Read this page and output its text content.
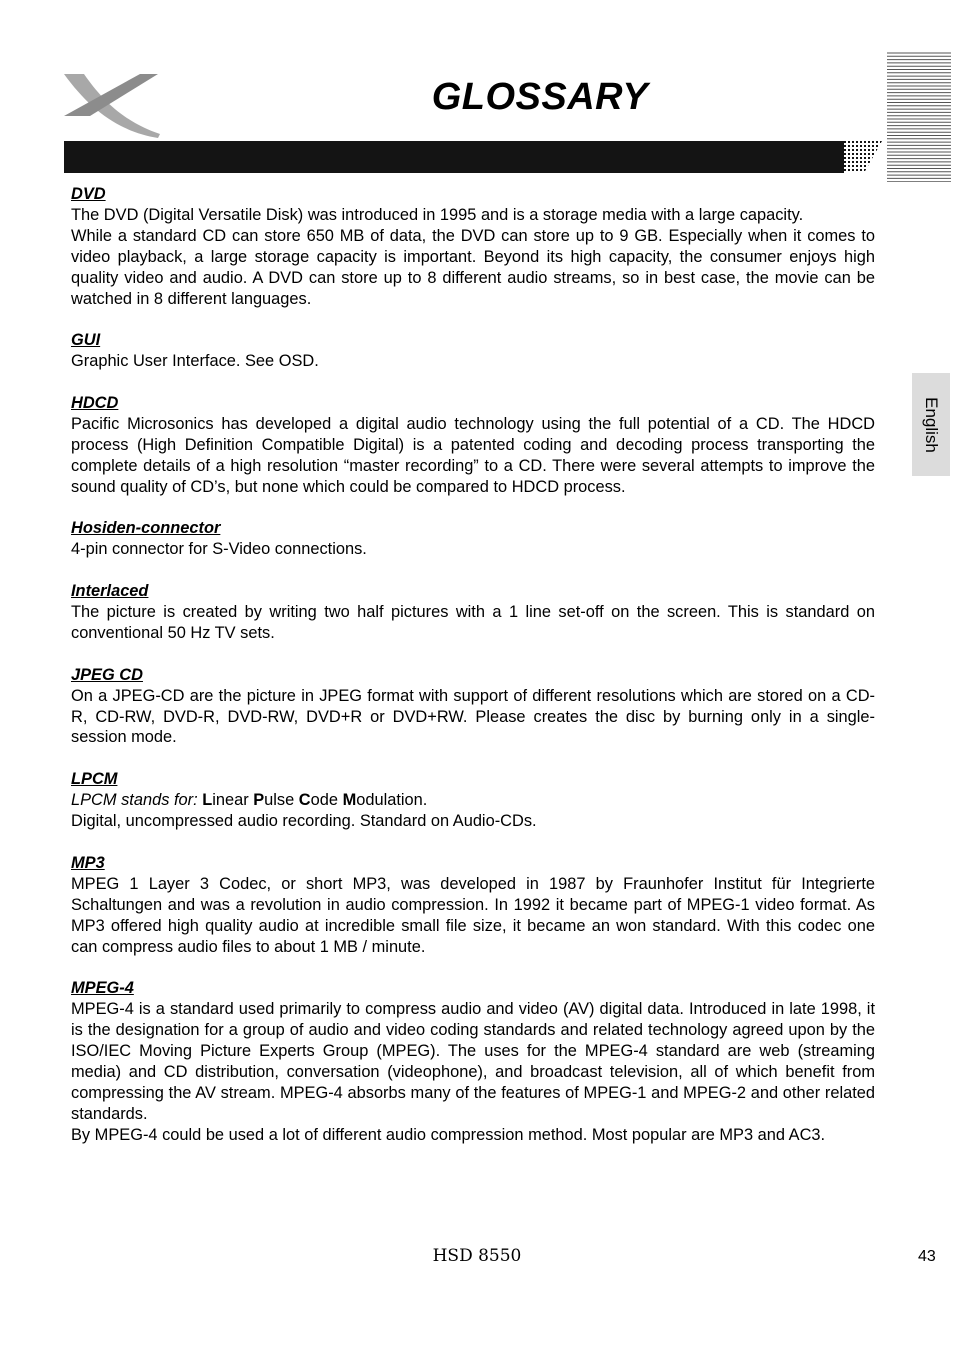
GLOSSARY
English
DVD
The DVD (Digital Versatile Disk) was introduced in 1995 and is a storage media with a large capacity.
While a standard CD can store 650 MB of data, the DVD can store up to 9 GB. Especially when it comes to video playback, a large storage capacity is important. Beyond its high capacity, the consumer enjoys high quality video and audio. A DVD can store up to 8 different audio streams, so in best case, the movie can be watched in 8 different languages.
GUI
Graphic User Interface. See OSD.
HDCD
Pacific Microsonics has developed a digital audio technology using the full potential of a CD. The HDCD process (High Definition Compatible Digital) is a patented coding and decoding process transporting the complete details of a high resolution “master recording” to a CD. There were several attempts to improve the sound quality of CD’s, but none which could be compared to HDCD process.
Hosiden-connector
4-pin connector for S-Video connections.
Interlaced
The picture is created by writing two half pictures with a 1 line set-off on the screen. This is standard on conventional 50 Hz TV sets.
JPEG CD
On a JPEG-CD are the picture in JPEG format with support of different resolutions which are stored on a CD-R, CD-RW, DVD-R, DVD-RW, DVD+R or DVD+RW. Please creates the disc by burning only in a single-session mode.
LPCM
LPCM stands for: Linear Pulse Code Modulation.
Digital, uncompressed audio recording. Standard on Audio-CDs.
MP3
MPEG 1 Layer 3 Codec, or short MP3, was developed in 1987 by Fraunhofer Institut für Integrierte Schaltungen and was a revolution in audio compression. In 1992 it became part of MPEG-1 video format. As MP3 offered high quality audio at incredible small file size, it became an won standard. With this codec one can compress audio files to about 1 MB / minute.
MPEG-4
MPEG-4 is a standard used primarily to compress audio and video (AV) digital data. Introduced in late 1998, it is the designation for a group of audio and video coding standards and related technology agreed upon by the ISO/IEC Moving Picture Experts Group (MPEG). The uses for the MPEG-4 standard are web (streaming media) and CD distribution, conversation (videophone), and broadcast television, all of which benefit from compressing the AV stream. MPEG-4 absorbs many of the features of MPEG-1 and MPEG-2 and other related standards.
By MPEG-4 could be used a lot of different audio compression method. Most popular are MP3 and AC3.
HSD 8550	43
